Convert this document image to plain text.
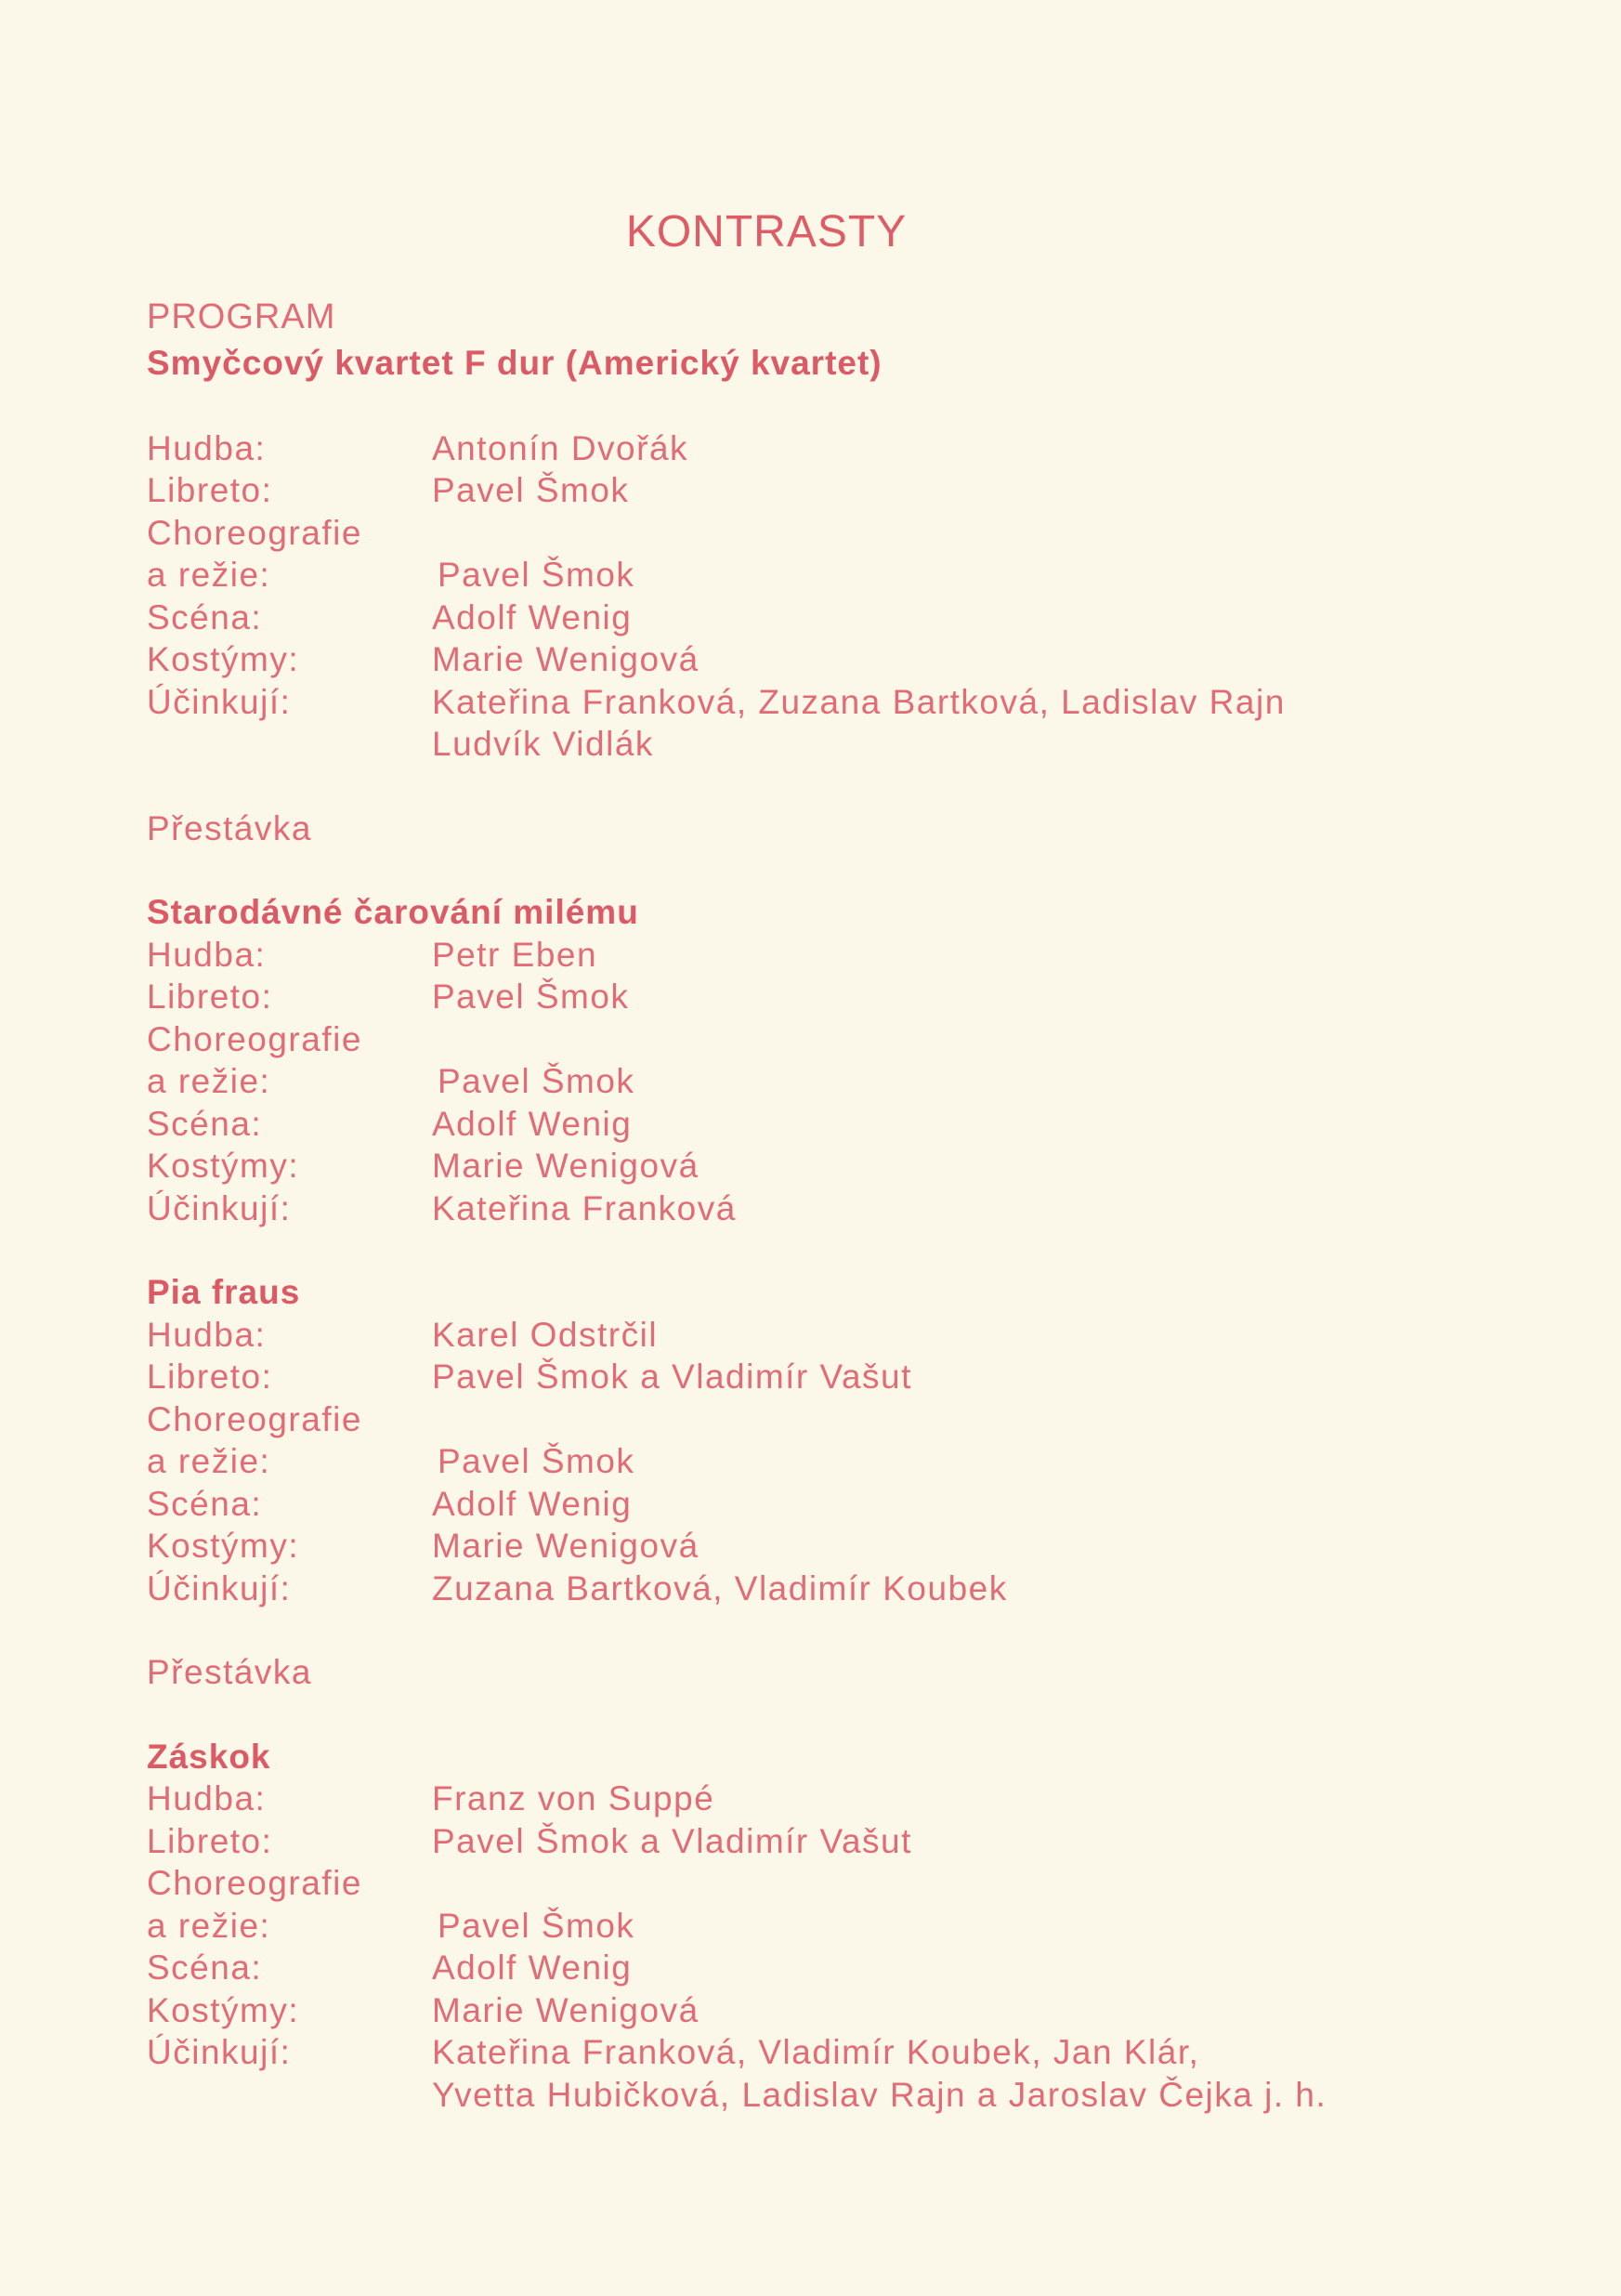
KONTRASTY
PROGRAM
Smyčcový kvartet F dur (Americký kvartet)
Hudba:	Antonín Dvořák
Libreto:	Pavel Šmok
Choreografie
a režie:	Pavel Šmok
Scéna:	Adolf Wenig
Kostýmy:	Marie Wenigová
Účinkují:	Kateřina Franková, Zuzana Bartková, Ladislav Rajn
Ludvík Vidlák
Přestávka
Starodávné čarování milému
Hudba:	Petr Eben
Libreto:	Pavel Šmok
Choreografie
a režie:	Pavel Šmok
Scéna:	Adolf Wenig
Kostýmy:	Marie Wenigová
Účinkují:	Kateřina Franková
Pia fraus
Hudba:	Karel Odstrčil
Libreto:	Pavel Šmok a Vladimír Vašut
Choreografie
a režie:	Pavel Šmok
Scéna:	Adolf Wenig
Kostýmy:	Marie Wenigová
Účinkují:	Zuzana Bartková, Vladimír Koubek
Přestávka
Záskok
Hudba:	Franz von Suppé
Libreto:	Pavel Šmok a Vladimír Vašut
Choreografie
a režie:	Pavel Šmok
Scéna:	Adolf Wenig
Kostýmy:	Marie Wenigová
Účinkují:	Kateřina Franková, Vladimír Koubek, Jan Klár,
Yvetta Hubičková, Ladislav Rajn a Jaroslav Čejka j. h.
